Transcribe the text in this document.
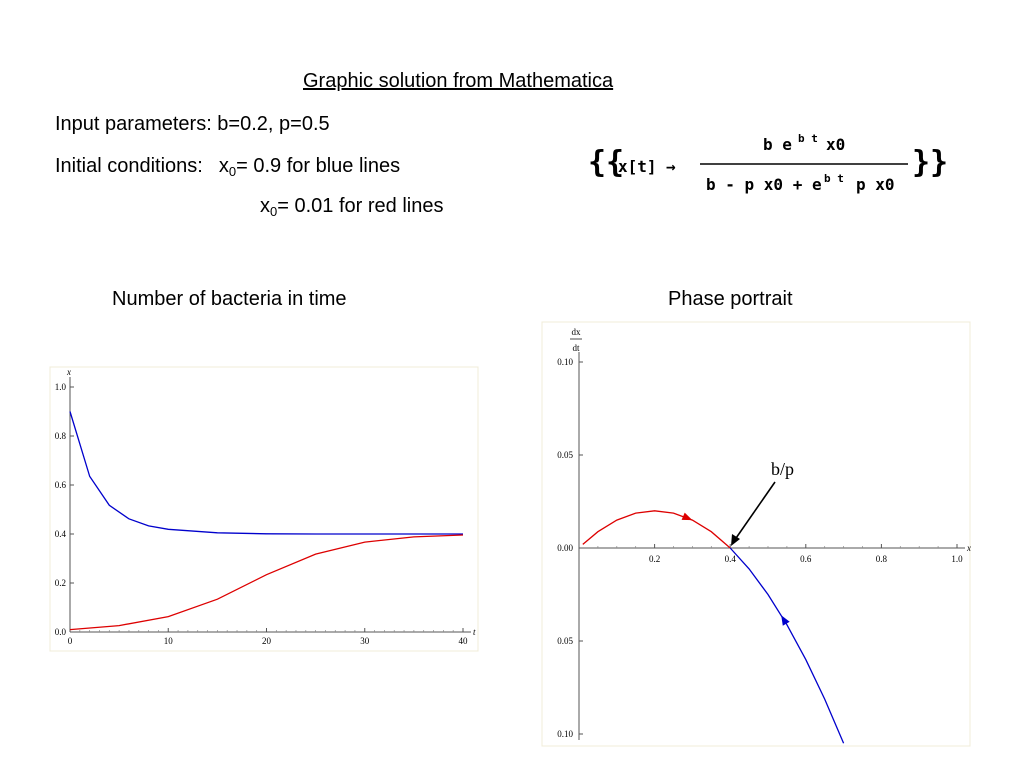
Graphic solution from Mathematica
Input parameters: b=0.2, p=0.5
Initial conditions: $x_0= 0.9$ for blue lines
$x_0= 0.01$ for red lines
{{
x[t] →
b e b t x0
b - p x0 + e b t p x0
}}
Number of bacteria in time	Phase portrait
x
t
0	10	20	30	40
0.0
0.2
0.4
0.6
0.8
1.0
x
dx
dt
0.2	0.4	0.6	0.8	1.0
0.10
0.05
0.00
0.05
0.10
b/p
